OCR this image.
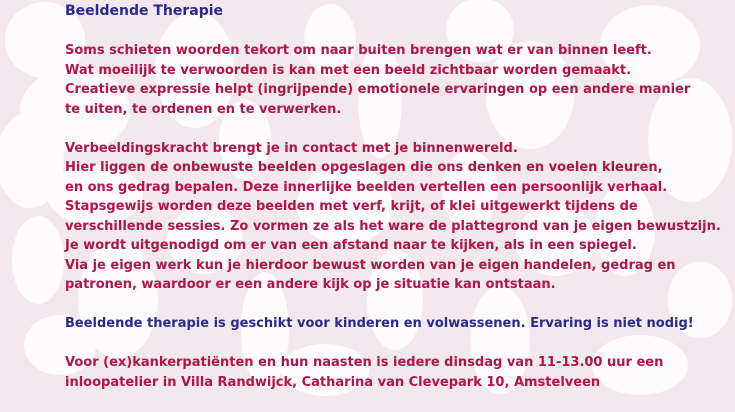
Beeldende Therapie
Soms schieten woorden tekort om naar buiten brengen wat er van binnen leeft.
Wat moeilijk te verwoorden is kan met een beeld zichtbaar worden gemaakt.
Creatieve expressie helpt (ingrijpende) emotionele ervaringen op een andere manier
te uiten, te ordenen en te verwerken.
Verbeeldingskracht brengt je in contact met je binnenwereld.
Hier liggen de onbewuste beelden opgeslagen die ons denken en voelen kleuren,
en ons gedrag bepalen. Deze innerlijke beelden vertellen een persoonlijk verhaal.
Stapsgewijs worden deze beelden met verf, krijt, of klei uitgewerkt tijdens de
verschillende sessies. Zo vormen ze als het ware de plattegrond van je eigen bewustzijn.
Je wordt uitgenodigd om er van een afstand naar te kijken, als in een spiegel.
Via je eigen werk kun je hierdoor bewust worden van je eigen handelen, gedrag en
patronen, waardoor er een andere kijk op je situatie kan ontstaan.
Beeldende therapie is geschikt voor kinderen en volwassenen. Ervaring is niet nodig!
Voor (ex)kankerpatiënten en hun naasten is iedere dinsdag van 11-13.00 uur een
inloopatelier in Villa Randwijck, Catharina van Clevepark 10, Amstelveen
